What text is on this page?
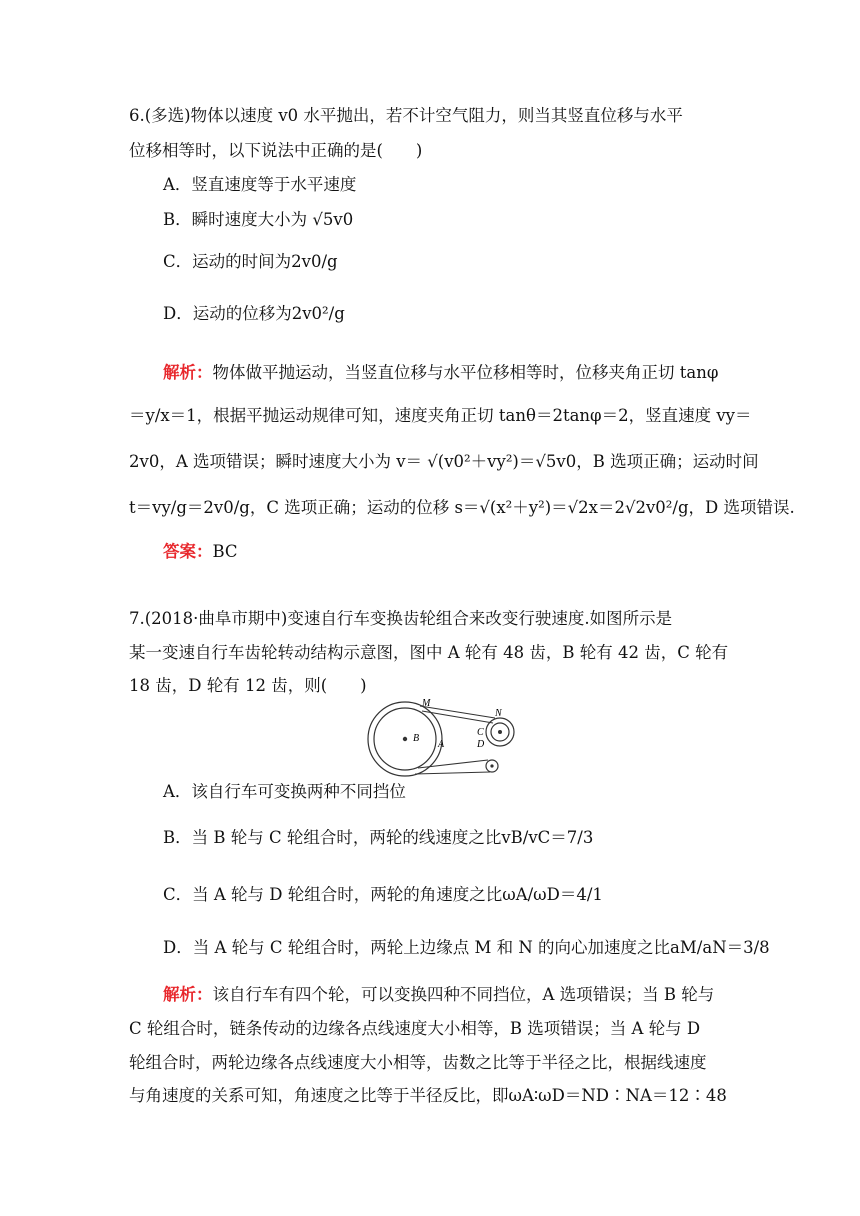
6.(多选)物体以速度 v0 水平抛出，若不计空气阻力，则当其竖直位移与水平
位移相等时，以下说法中正确的是(　　)
A．竖直速度等于水平速度
B．瞬时速度大小为 √5v0
C．运动的时间为2v0/g
D．运动的位移为2v0²/g
解析：物体做平抛运动，当竖直位移与水平位移相等时，位移夹角正切 tanφ
＝y/x＝1，根据平抛运动规律可知，速度夹角正切 tanθ＝2tanφ＝2，竖直速度 vy＝
2v0，A 选项错误；瞬时速度大小为 v＝ √(v0²＋vy²)＝√5v0，B 选项正确；运动时间
t＝vy/g＝2v0/g，C 选项正确；运动的位移 s＝√(x²＋y²)＝√2x＝2√2v0²/g，D 选项错误.
答案：BC
7.(2018·曲阜市期中)变速自行车变换齿轮组合来改变行驶速度.如图所示是
某一变速自行车齿轮转动结构示意图，图中 A 轮有 48 齿，B 轮有 42 齿，C 轮有
18 齿，D 轮有 12 齿，则(　　)
M
B
A
N
C
D
A．该自行车可变换两种不同挡位
B．当 B 轮与 C 轮组合时，两轮的线速度之比vB/vC＝7/3
C．当 A 轮与 D 轮组合时，两轮的角速度之比ωA/ωD＝4/1
D．当 A 轮与 C 轮组合时，两轮上边缘点 M 和 N 的向心加速度之比aM/aN＝3/8
解析：该自行车有四个轮，可以变换四种不同挡位，A 选项错误；当 B 轮与
C 轮组合时，链条传动的边缘各点线速度大小相等，B 选项错误；当 A 轮与 D
轮组合时，两轮边缘各点线速度大小相等，齿数之比等于半径之比，根据线速度
与角速度的关系可知，角速度之比等于半径反比，即ωA∶ωD＝ND∶NA＝12∶48
